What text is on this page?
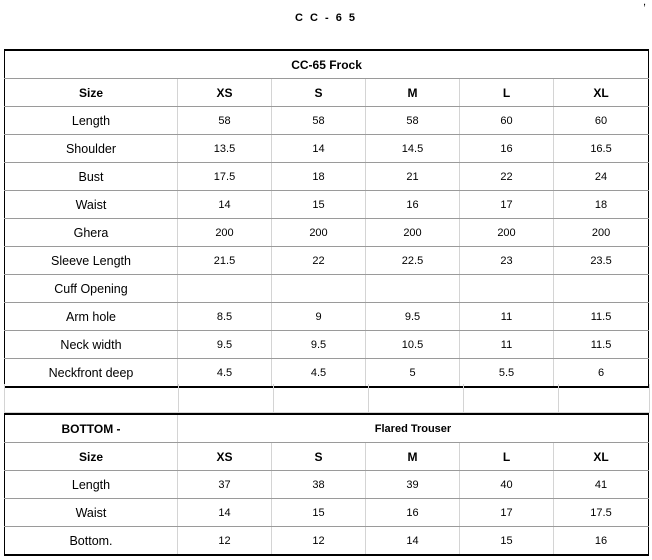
C C - 6 5
,
CC-65 Frock					
Size	XS	S	M	L	XL
Length	58	58	58	60	60
Shoulder	13.5	14	14.5	16	16.5
Bust	17.5	18	21	22	24
Waist	14	15	16	17	18
Ghera	200	200	200	200	200
Sleeve Length	21.5	22	22.5	23	23.5
Cuff Opening					
Arm hole	8.5	9	9.5	11	11.5
Neck width	9.5	9.5	10.5	11	11.5
Neckfront deep	4.5	4.5	5	5.5	6
BOTTOM -	Flared Trouser				
Size	XS	S	M	L	XL
Length	37	38	39	40	41
Waist	14	15	16	17	17.5
Bottom.	12	12	14	15	16
